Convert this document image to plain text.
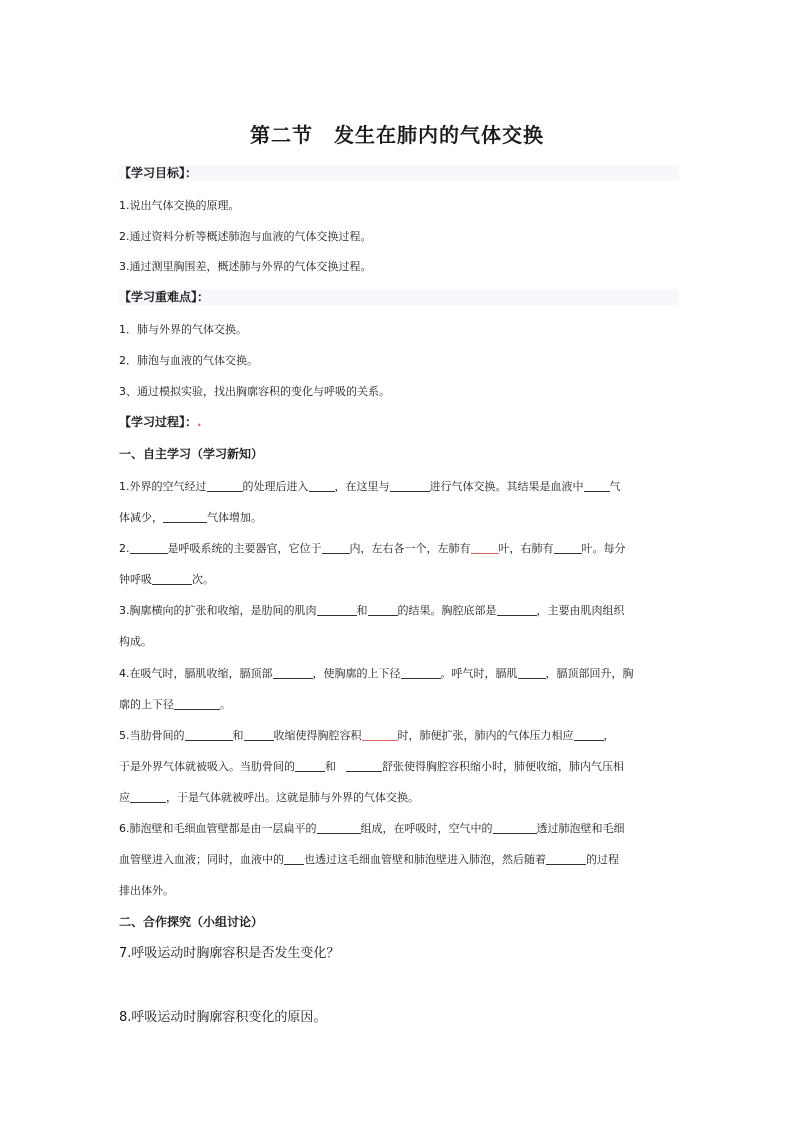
第二节　发生在肺内的气体交换
【学习目标】：
1.说出气体交换的原理。
2.通过资料分析等概述肺泡与血液的气体交换过程。
3.通过测里胸围差，概述肺与外界的气体交换过程。
【学习重难点】：
1．肺与外界的气体交换。
2．肺泡与血液的气体交换。
3、通过模拟实验，找出胸廓容积的变化与呼吸的关系。
【学习过程】：.
一、自主学习（学习新知）
1.外界的空气经过	的处理后进入 ，在这里与	进行气体交换。其结果是血液中 气
体减少，	气体增加。
2.	是呼吸系统的主要器官，它位于	内，左右各一个，左肺有	叶，右肺有	叶。每分
钟呼吸	次。
3.胸廓横向的扩张和收缩，是肋间的肌肉	和	的结果。胸腔底部是	，主要由肌肉组织
构成。
4.在吸气时，膈肌收缩，膈顶部	，使胸廓的上下径	。呼气时，膈肌	，膈顶部回升，胸
廓的上下径	。
5.当肋骨间的	和	收缩使得胸腔容积	时，肺便扩张，肺内的气体压力相应	，
于是外界气体就被吸入。当肋骨间的	和	舒张使得胸腔容积缩小时，肺便收缩，肺内气压相
应	，于是气体就被呼出。这就是肺与外界的气体交换。
6.肺泡壁和毛细血管壁都是由一层扁平的	组成，在呼吸时，空气中的	透过肺泡壁和毛细
血管壁进入血液；同时，血液中的 也透过这毛细血管壁和肺泡壁进入肺泡，然后随着	的过程
排出体外。
二、合作探究（小组讨论）
7.呼吸运动时胸廓容积是否发生变化？
8.呼吸运动时胸廓容积变化的原因。
